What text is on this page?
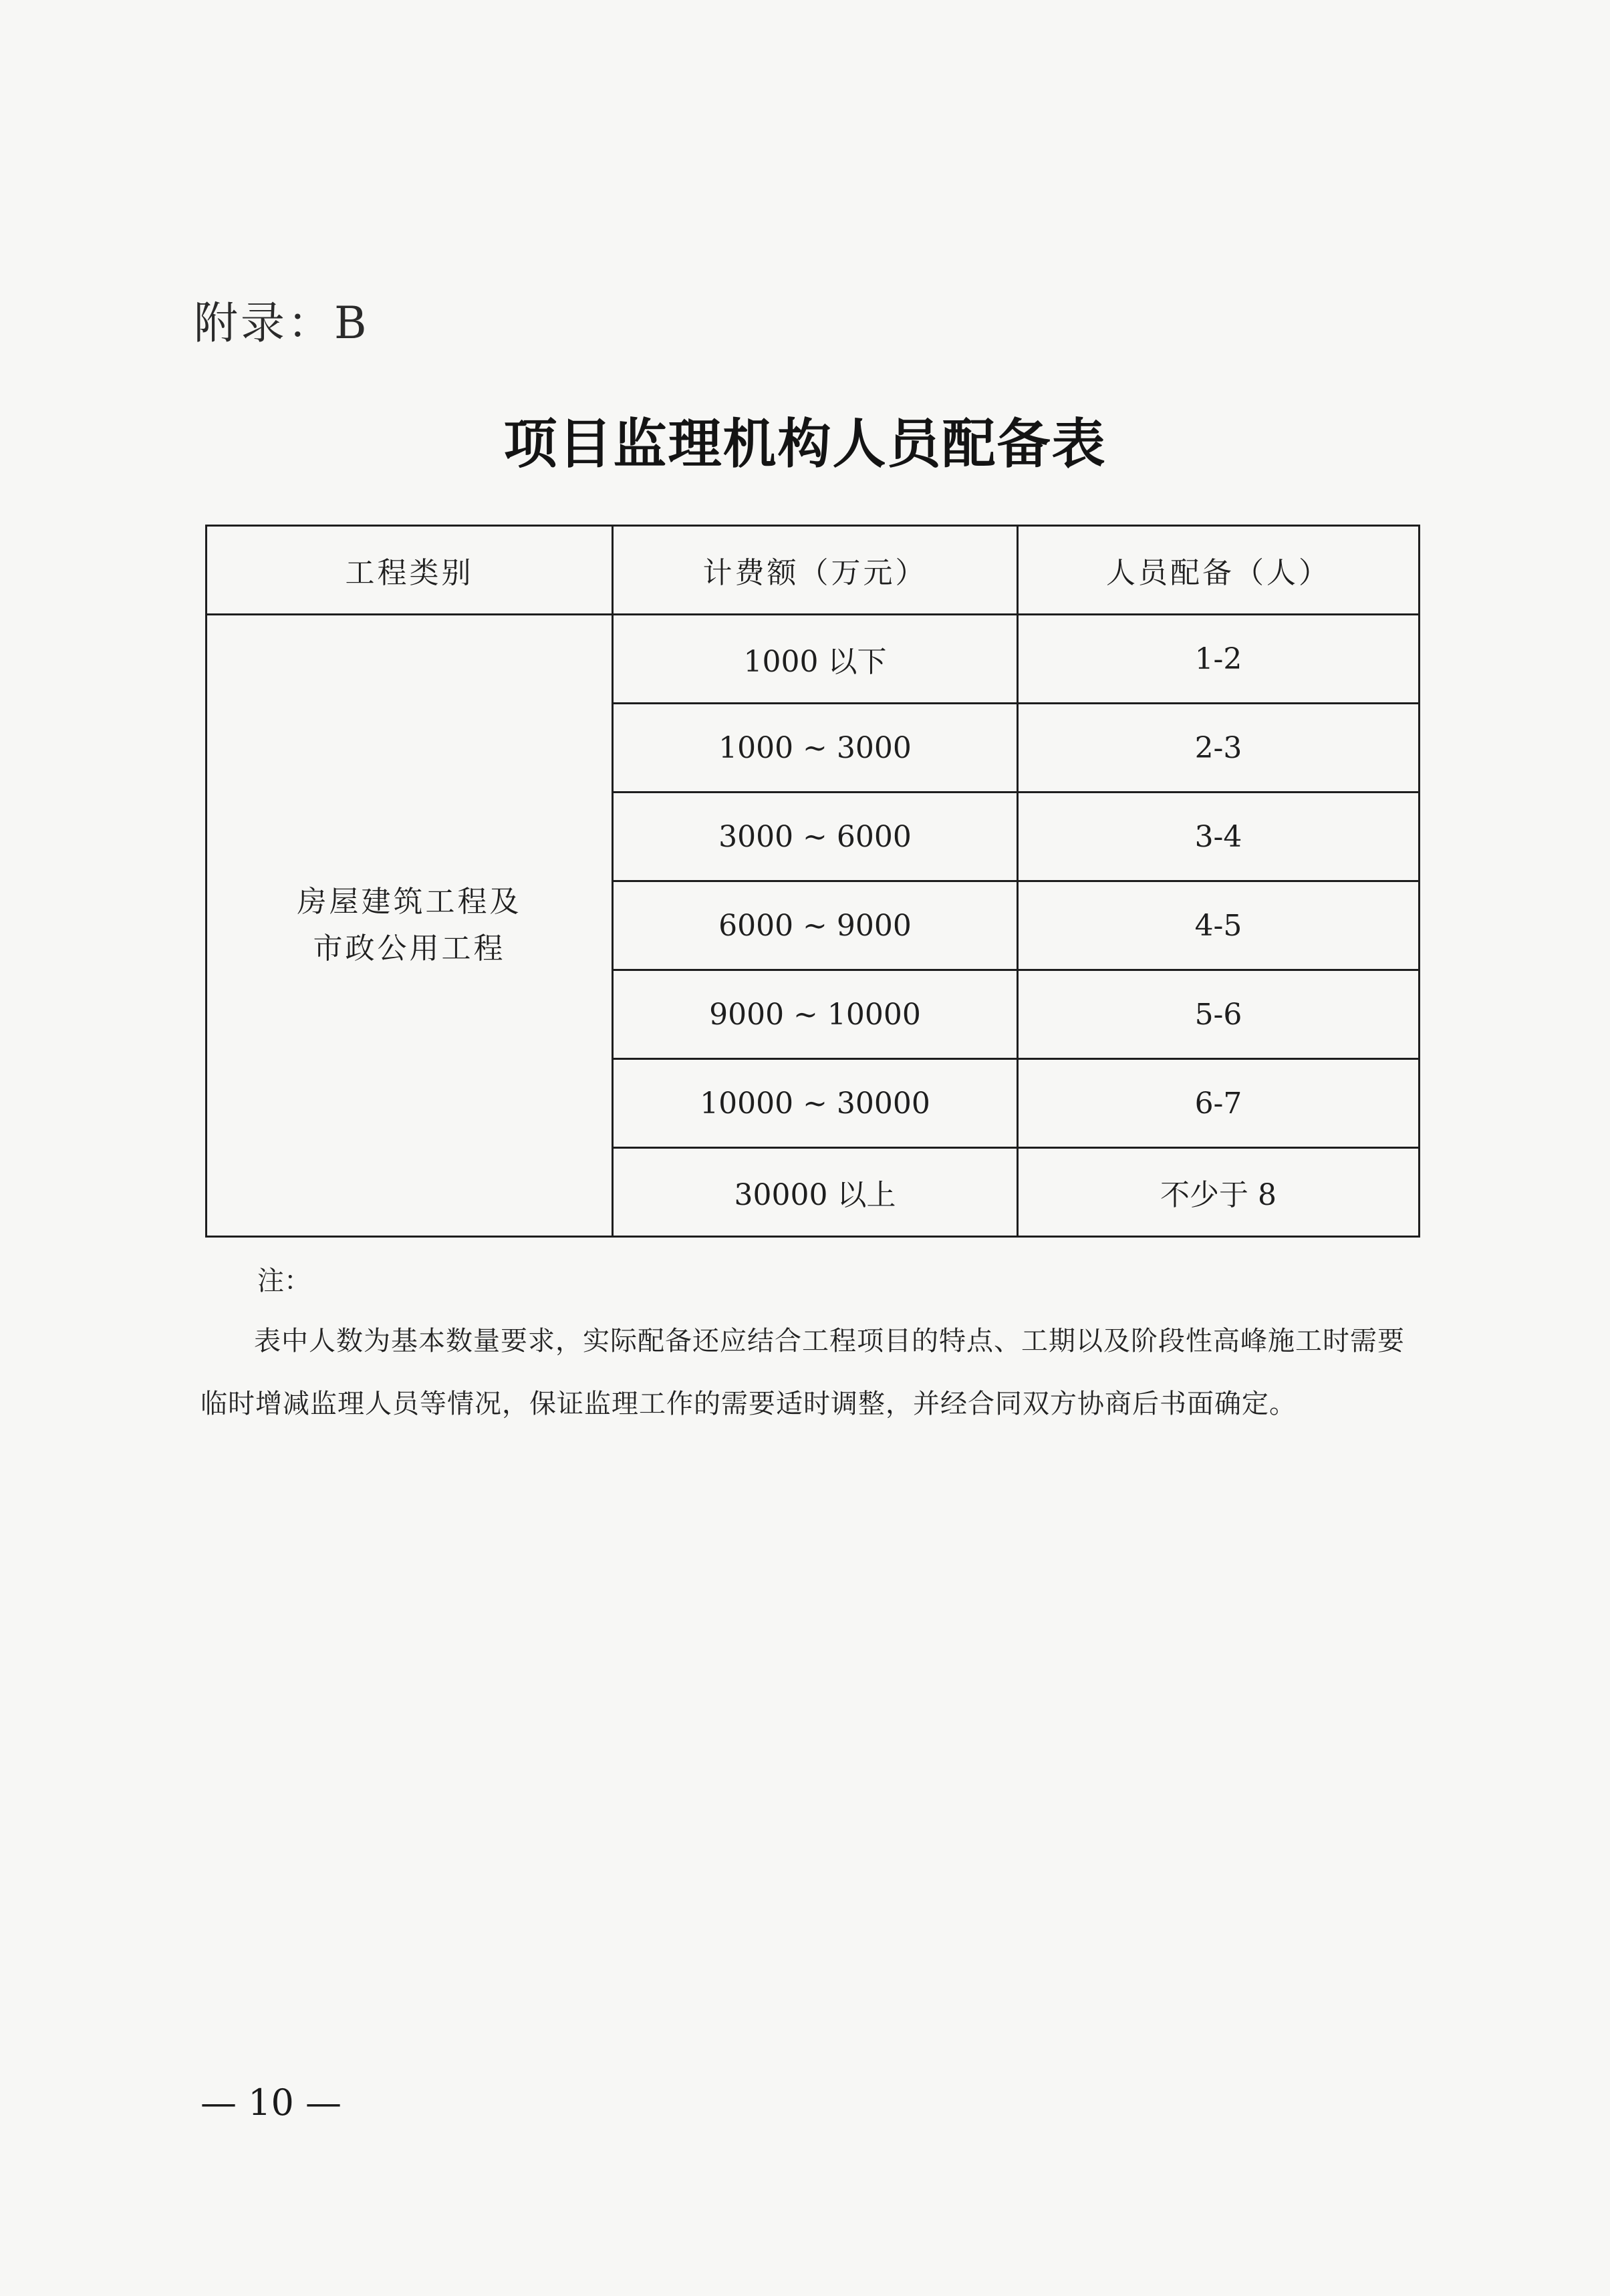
附录：B
项目监理机构人员配备表
工程类别	计费额（万元）	人员配备（人）

房屋建筑工程及
市政公用工程	1000 以下	1-2
	1000 ~ 3000	2-3
	3000 ~ 6000	3-4
	6000 ~ 9000	4-5
	9000 ~ 10000	5-6
	10000 ~ 30000	6-7
	30000 以上	不少于 8
注：
表中人数为基本数量要求，实际配备还应结合工程项目的特点、工期以及阶段性高峰施工时需要临时增减监理人员等情况，保证监理工作的需要适时调整，并经合同双方协商后书面确定。
— 10 —
